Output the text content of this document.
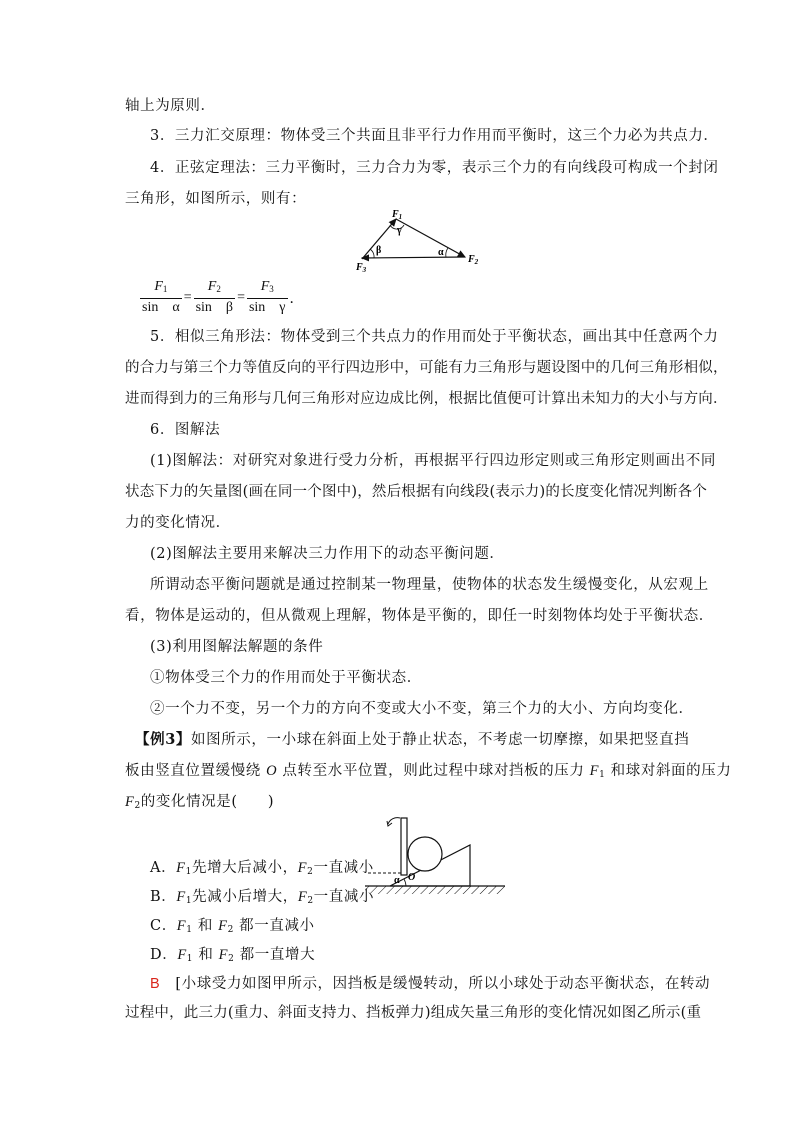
轴上为原则．
3．三力汇交原理：物体受三个共面且非平行力作用而平衡时，这三个力必为共点力．
4．正弦定理法：三力平衡时，三力合力为零，表示三个力的有向线段可构成一个封闭
三角形，如图所示，则有：
$F_1$
γ
β	α
$F_2$
$F_3$
$\frac{F_1}{\text{sin　α}} = \frac{F_2}{\text{sin　β}} = \frac{F_3}{\text{sin　γ}}$ ．
5．相似三角形法：物体受到三个共点力的作用而处于平衡状态，画出其中任意两个力
的合力与第三个力等值反向的平行四边形中，可能有力三角形与题设图中的几何三角形相似，
进而得到力的三角形与几何三角形对应边成比例，根据比值便可计算出未知力的大小与方向．
6．图解法
(1)图解法：对研究对象进行受力分析，再根据平行四边形定则或三角形定则画出不同
状态下力的矢量图(画在同一个图中)，然后根据有向线段(表示力)的长度变化情况判断各个
力的变化情况．
(2)图解法主要用来解决三力作用下的动态平衡问题．
所谓动态平衡问题就是通过控制某一物理量，使物体的状态发生缓慢变化，从宏观上
看，物体是运动的，但从微观上理解，物体是平衡的，即任一时刻物体均处于平衡状态．
(3)利用图解法解题的条件
①物体受三个力的作用而处于平衡状态．
②一个力不变，另一个力的方向不变或大小不变，第三个力的大小、方向均变化．
【例3】如图所示，一小球在斜面上处于静止状态，不考虑一切摩擦，如果把竖直挡
板由竖直位置缓慢绕 O 点转至水平位置，则此过程中球对挡板的压力 $F_1$ 和球对斜面的压力
$F_2$的变化情况是(　　)
O
α
A．$F_1$先增大后减小，$F_2$一直减小
B．$F_1$先减小后增大，$F_2$一直减小
C．$F_1$ 和 $F_2$ 都一直减小
D．$F_1$ 和 $F_2$ 都一直增大
B　 [小球受力如图甲所示，因挡板是缓慢转动，所以小球处于动态平衡状态，在转动
过程中，此三力(重力、斜面支持力、挡板弹力)组成矢量三角形的变化情况如图乙所示(重
